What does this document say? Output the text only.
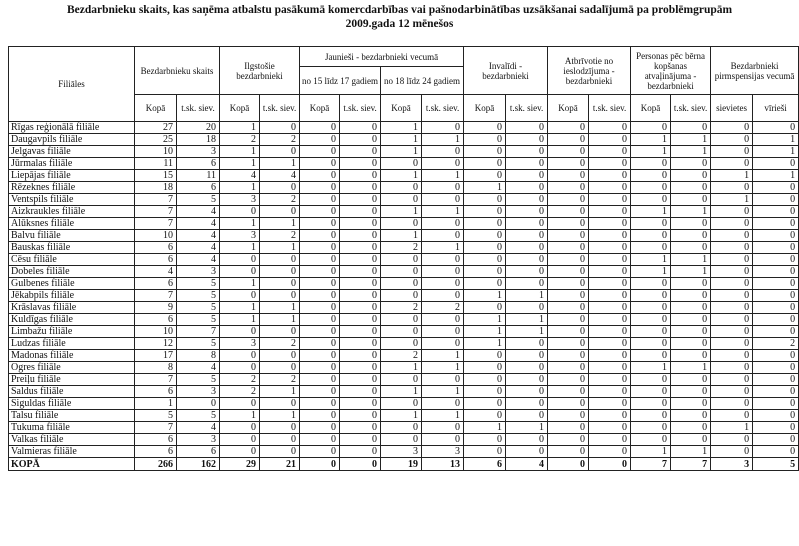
Bezdarbnieku skaits, kas saņēma atbalstu pasākumā komercdarbības vai pašnodarbinātības uzsākšanai sadalījumā pa problēmgrupām
2009.gada 12 mēnešos
Filiāles	Bezdarbnieku skaits		Ilgstošie bezdarbnieki		Jaunieši - bezdarbnieki vecumā				Invalīdi - bezdarbnieki		Atbrīvotie no ieslodzījuma - bezdarbnieki		Personas pēc bērna kopšanas atvaļinājuma - bezdarbnieki		Bezdarbnieki pirmspensijas vecumā	
					no 15 līdz 17 gadiem		no 18 līdz 24 gadiem									
	Kopā	t.sk. siev.	Kopā	t.sk. siev.	Kopā	t.sk. siev.	Kopā	t.sk. siev.	Kopā	t.sk. siev.	Kopā	t.sk. siev.	Kopā	t.sk. siev.	sievietes	vīrieši
Rīgas reģionālā filiāle	27	20	1	0	0	0	1	0	0	0	0	0	0	0	0	0
Daugavpils filiāle	25	18	2	2	0	0	1	1	0	0	0	0	1	1	0	1
Jelgavas filiāle	10	3	1	0	0	0	1	0	0	0	0	0	1	1	0	1
Jūrmalas filiāle	11	6	1	1	0	0	0	0	0	0	0	0	0	0	0	0
Liepājas filiāle	15	11	4	4	0	0	1	1	0	0	0	0	0	0	1	1
Rēzeknes filiāle	18	6	1	0	0	0	0	0	1	0	0	0	0	0	0	0
Ventspils filiāle	7	5	3	2	0	0	0	0	0	0	0	0	0	0	1	0
Aizkraukles filiāle	7	4	0	0	0	0	1	1	0	0	0	0	1	1	0	0
Alūksnes filiāle	7	4	1	1	0	0	0	0	0	0	0	0	0	0	0	0
Balvu filiāle	10	4	3	2	0	0	1	0	0	0	0	0	0	0	0	0
Bauskas filiāle	6	4	1	1	0	0	2	1	0	0	0	0	0	0	0	0
Cēsu filiāle	6	4	0	0	0	0	0	0	0	0	0	0	1	1	0	0
Dobeles filiāle	4	3	0	0	0	0	0	0	0	0	0	0	1	1	0	0
Gulbenes filiāle	6	5	1	0	0	0	0	0	0	0	0	0	0	0	0	0
Jēkabpils filiāle	7	5	0	0	0	0	0	0	1	1	0	0	0	0	0	0
Krāslavas filiāle	9	5	1	1	0	0	2	2	0	0	0	0	0	0	0	0
Kuldīgas filiāle	6	5	1	1	0	0	0	0	1	1	0	0	0	0	0	0
Limbažu filiāle	10	7	0	0	0	0	0	0	1	1	0	0	0	0	0	0
Ludzas filiāle	12	5	3	2	0	0	0	0	1	0	0	0	0	0	0	2
Madonas filiāle	17	8	0	0	0	0	2	1	0	0	0	0	0	0	0	0
Ogres filiāle	8	4	0	0	0	0	1	1	0	0	0	0	1	1	0	0
Preiļu filiāle	7	5	2	2	0	0	0	0	0	0	0	0	0	0	0	0
Saldus filiāle	6	3	2	1	0	0	1	1	0	0	0	0	0	0	0	0
Siguldas filiāle	1	0	0	0	0	0	0	0	0	0	0	0	0	0	0	0
Talsu filiāle	5	5	1	1	0	0	1	1	0	0	0	0	0	0	0	0
Tukuma filiāle	7	4	0	0	0	0	0	0	1	1	0	0	0	0	1	0
Valkas filiāle	6	3	0	0	0	0	0	0	0	0	0	0	0	0	0	0
Valmieras filiāle	6	6	0	0	0	0	3	3	0	0	0	0	1	1	0	0
KOPĀ	266	162	29	21	0	0	19	13	6	4	0	0	7	7	3	5
